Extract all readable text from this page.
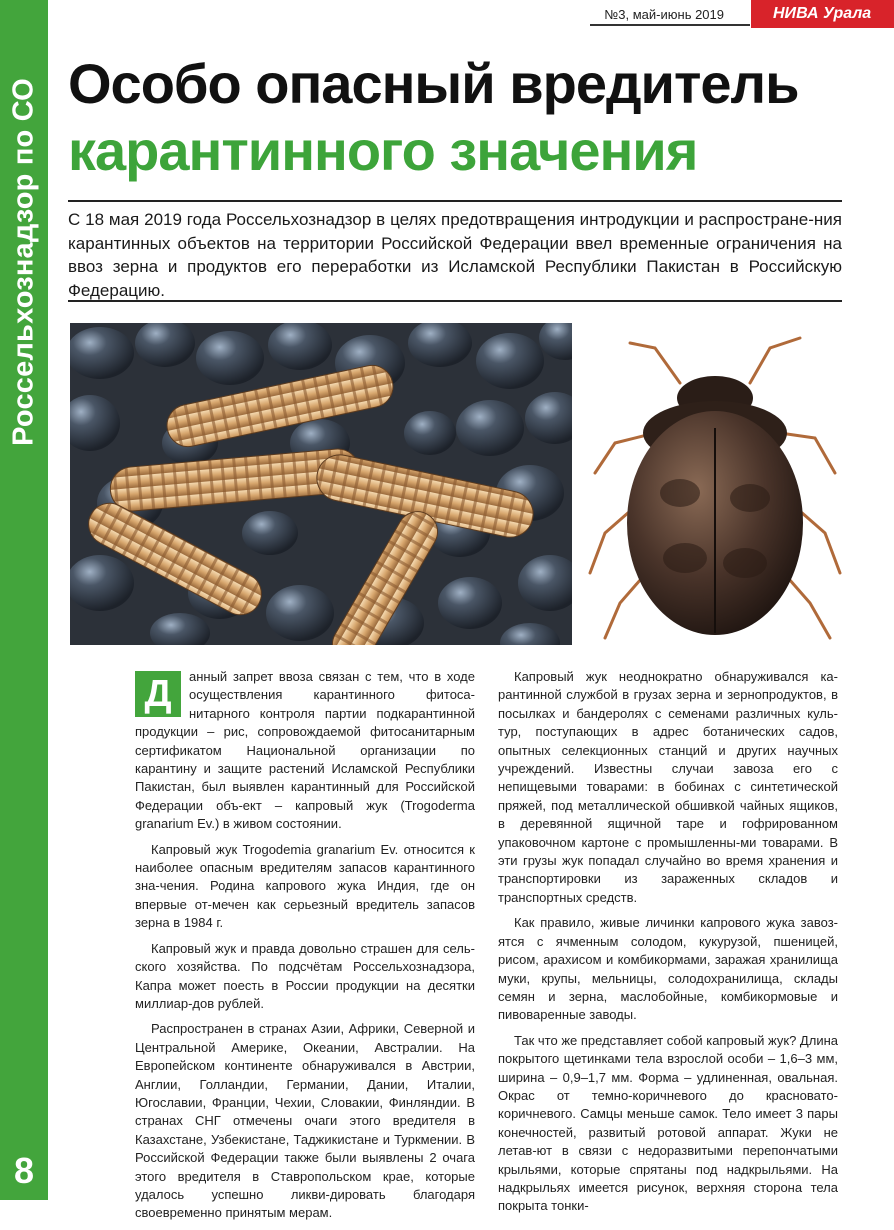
Россельхознадзор по СО
8
№3, май-июнь 2019	НИВА Урала
Особо опасный вредитель
карантинного значения
С 18 мая 2019 года Россельхознадзор в целях предотвращения интродукции и распростране-ния карантинных объектов на территории Российской Федерации ввел временные ограничения на ввоз зерна и продуктов его переработки из Исламской Республики Пакистан в Российскую Федерацию.

Д	анный запрет ввоза связан с тем, что в ходе осуществления карантинного фитоса-нитарного контроля партии подкарантинной продукции – рис, сопровождаемой фитосанитарным сертификатом Национальной организации по карантину и защите растений Исламской Республики Пакистан, был выявлен карантинный для Российской Федерации объ-ект – капровый жук (Trogoderma granarium Ev.) в живом состоянии.

Капровый жук Trogodemia granarium Ev. относится к наиболее опасным вредителям запасов карантинного зна-чения. Родина капрового жука Индия, где он впервые от-мечен как серьезный вредитель запасов зерна в 1984 г.

Капровый жук и правда довольно страшен для сель-ского хозяйства. По подсчётам Россельхознадзора, Капра может поесть в России продукции на десятки миллиар-дов рублей.

Распространен в странах Азии, Африки, Северной и Центральной Америке, Океании, Австралии. На Европейском континенте обнаруживался в Австрии, Англии, Голландии, Германии, Дании, Италии, Югославии, Франции, Чехии, Словакии, Финляндии. В странах СНГ отмечены очаги этого вредителя в Казахстане, Узбекистане, Таджикистане и Туркмении. В Российской Федерации также были выявлены 2 очага этого вредителя в Ставропольском крае, которые удалось успешно ликви-дировать благодаря своевременно принятым мерам.

Капровый жук неоднократно обнаруживался ка-рантинной службой в грузах зерна и зернопродуктов, в посылках и бандеролях с семенами различных куль-тур, поступающих в адрес ботанических садов, опытных селекционных станций и других научных учреждений. Известны случаи завоза его с непищевыми товарами: в бобинах с синтетической пряжей, под металлической обшивкой чайных ящиков, в деревянной ящичной таре и гофрированном упаковочном картоне с промышленны-ми товарами. В эти грузы жук попадал случайно во время хранения и транспортировки из зараженных складов и транспортных средств.

Как правило, живые личинки капрового жука завоз-ятся с ячменным солодом, кукурузой, пшеницей, рисом, арахисом и комбикормами, заражая хранилища муки, крупы, мельницы, солодохранилища, склады семян и зерна, маслобойные, комбикормовые и пивоваренные заводы.

Так что же представляет собой капровый жук? Длина покрытого щетинками тела взрослой особи – 1,6–3 мм, ширина – 0,9–1,7 мм. Форма – удлиненная, овальная. Окрас от темно-коричневого до красновато-коричневого. Самцы меньше самок. Тело имеет 3 пары конечностей, развитый ротовой аппарат. Жуки не летав-ют в связи с недоразвитыми перепончатыми крыльями, которые спрятаны под надкрыльями. На надкрыльях имеется рисунок, верхняя сторона тела покрыта тонки-
